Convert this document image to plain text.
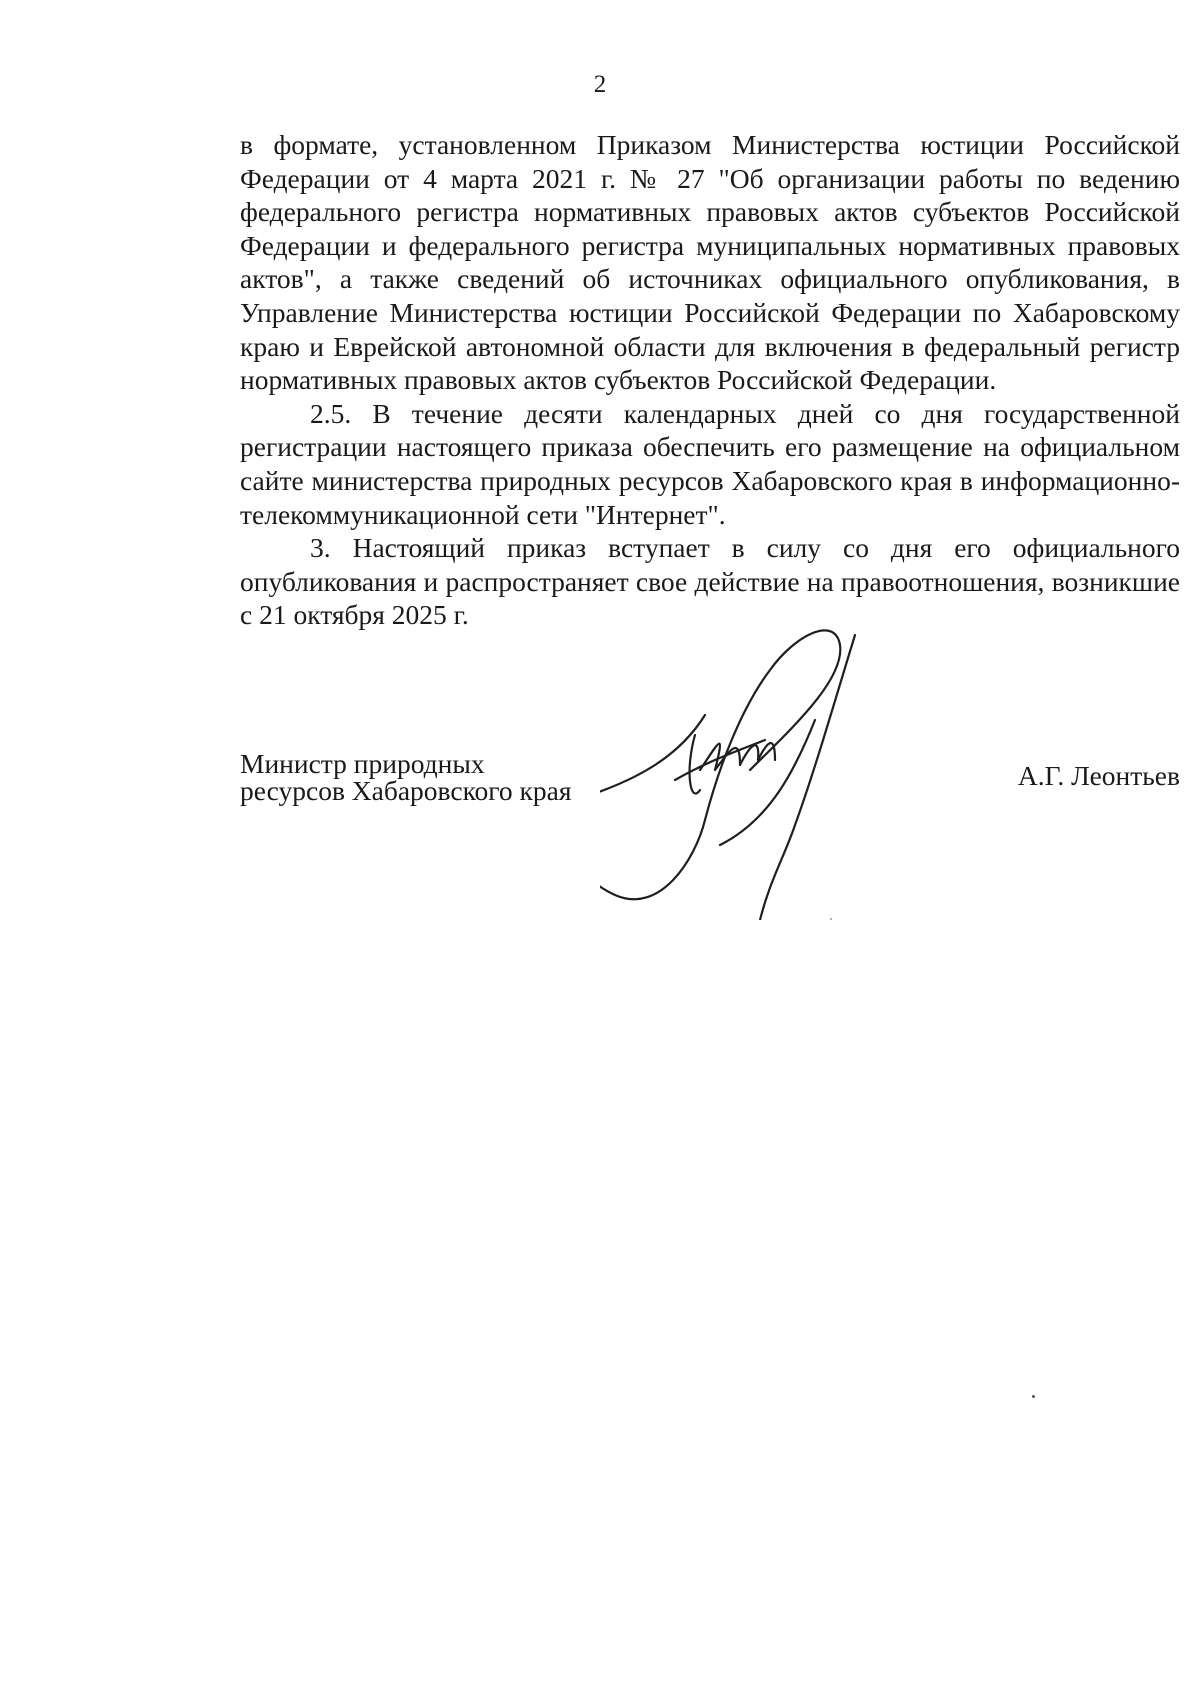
2

в формате, установленном Приказом Министерства юстиции Российской Федерации от 4 марта 2021 г. № 27 "Об организации работы по ведению федерального регистра нормативных правовых актов субъектов Российской Федерации и федерального регистра муниципальных нормативных правовых актов", а также сведений об источниках официального опубликования, в Управление Министерства юстиции Российской Федерации по Хабаровскому краю и Еврейской автономной области для включения в федеральный регистр нормативных правовых актов субъектов Российской Федерации.

2.5. В течение десяти календарных дней со дня государственной регистрации настоящего приказа обеспечить его размещение на официальном сайте министерства природных ресурсов Хабаровского края в информационно-телекоммуникационной сети "Интернет".

3. Настоящий приказ вступает в силу со дня его официального опубликования и распространяет свое действие на правоотношения, возникшие с 21 октября 2025 г.

Министр природных
ресурсов Хабаровского края	А.Г. Леонтьев
